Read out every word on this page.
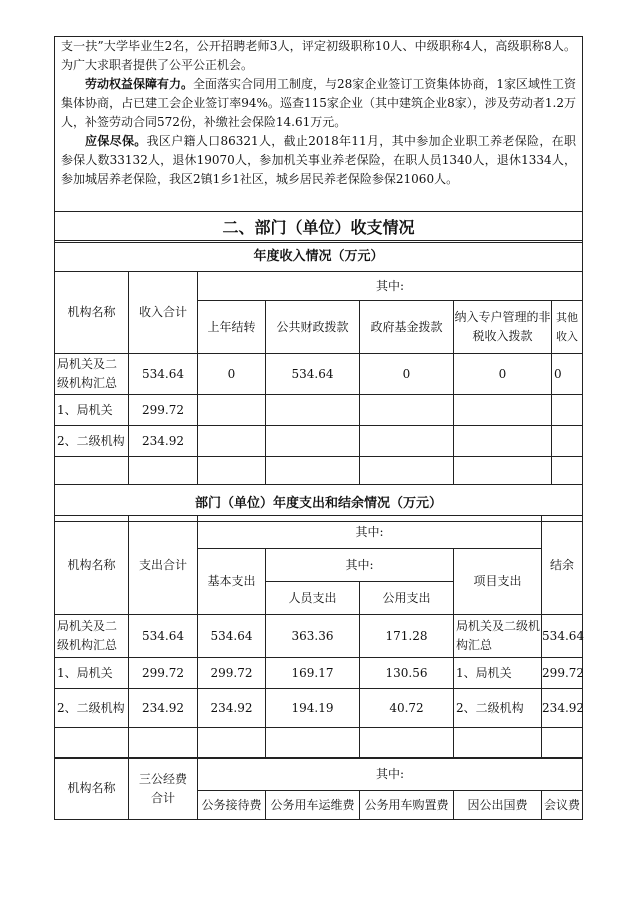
支一扶”大学毕业生2名，公开招聘老师3人，评定初级职称10人、中级职称4人，高级职称8人。为广大求职者提供了公平公正机会。
劳动权益保障有力。全面落实合同用工制度，与28家企业签订工资集体协商，1家区域性工资集体协商，占已建工会企业签订率94%。巡查115家企业（其中建筑企业8家），涉及劳动者1.2万人，补签劳动合同572份，补缴社会保险14.61万元。
应保尽保。我区户籍人口86321人，截止2018年11月，其中参加企业职工养老保险，在职参保人数33132人，退休19070人，参加机关事业养老保险，在职人员1340人，退休1334人，参加城居养老保险，我区2镇1乡1社区，城乡居民养老保险参保21060人。

二、部门（单位）收支情况
年度收入情况（万元）						
机构名称	收入合计	其中:				
		上年结转	公共财政拨款	政府基金拨款	纳入专户管理的非税收入拨款	其他收入
局机关及二级机构汇总	534.64	0	534.64	0	0	0
1、局机关	299.72					
2、二级机构	234.92					

部门（单位）年度支出和结余情况（万元）						
机构名称	支出合计	其中:				结余
		基本支出	其中:		项目支出	
			人员支出	公用支出		
局机关及二级机构汇总	534.64	534.64	363.36	171.28	局机关及二级机构汇总	534.64
1、局机关	299.72	299.72	169.17	130.56	1、局机关	299.72
2、二级机构	234.92	234.92	194.19	40.72	2、二级机构	234.92

机构名称	三公经费合计	其中:				
		公务接待费	公务用车运维费	公务用车购置费	因公出国费	会议费
